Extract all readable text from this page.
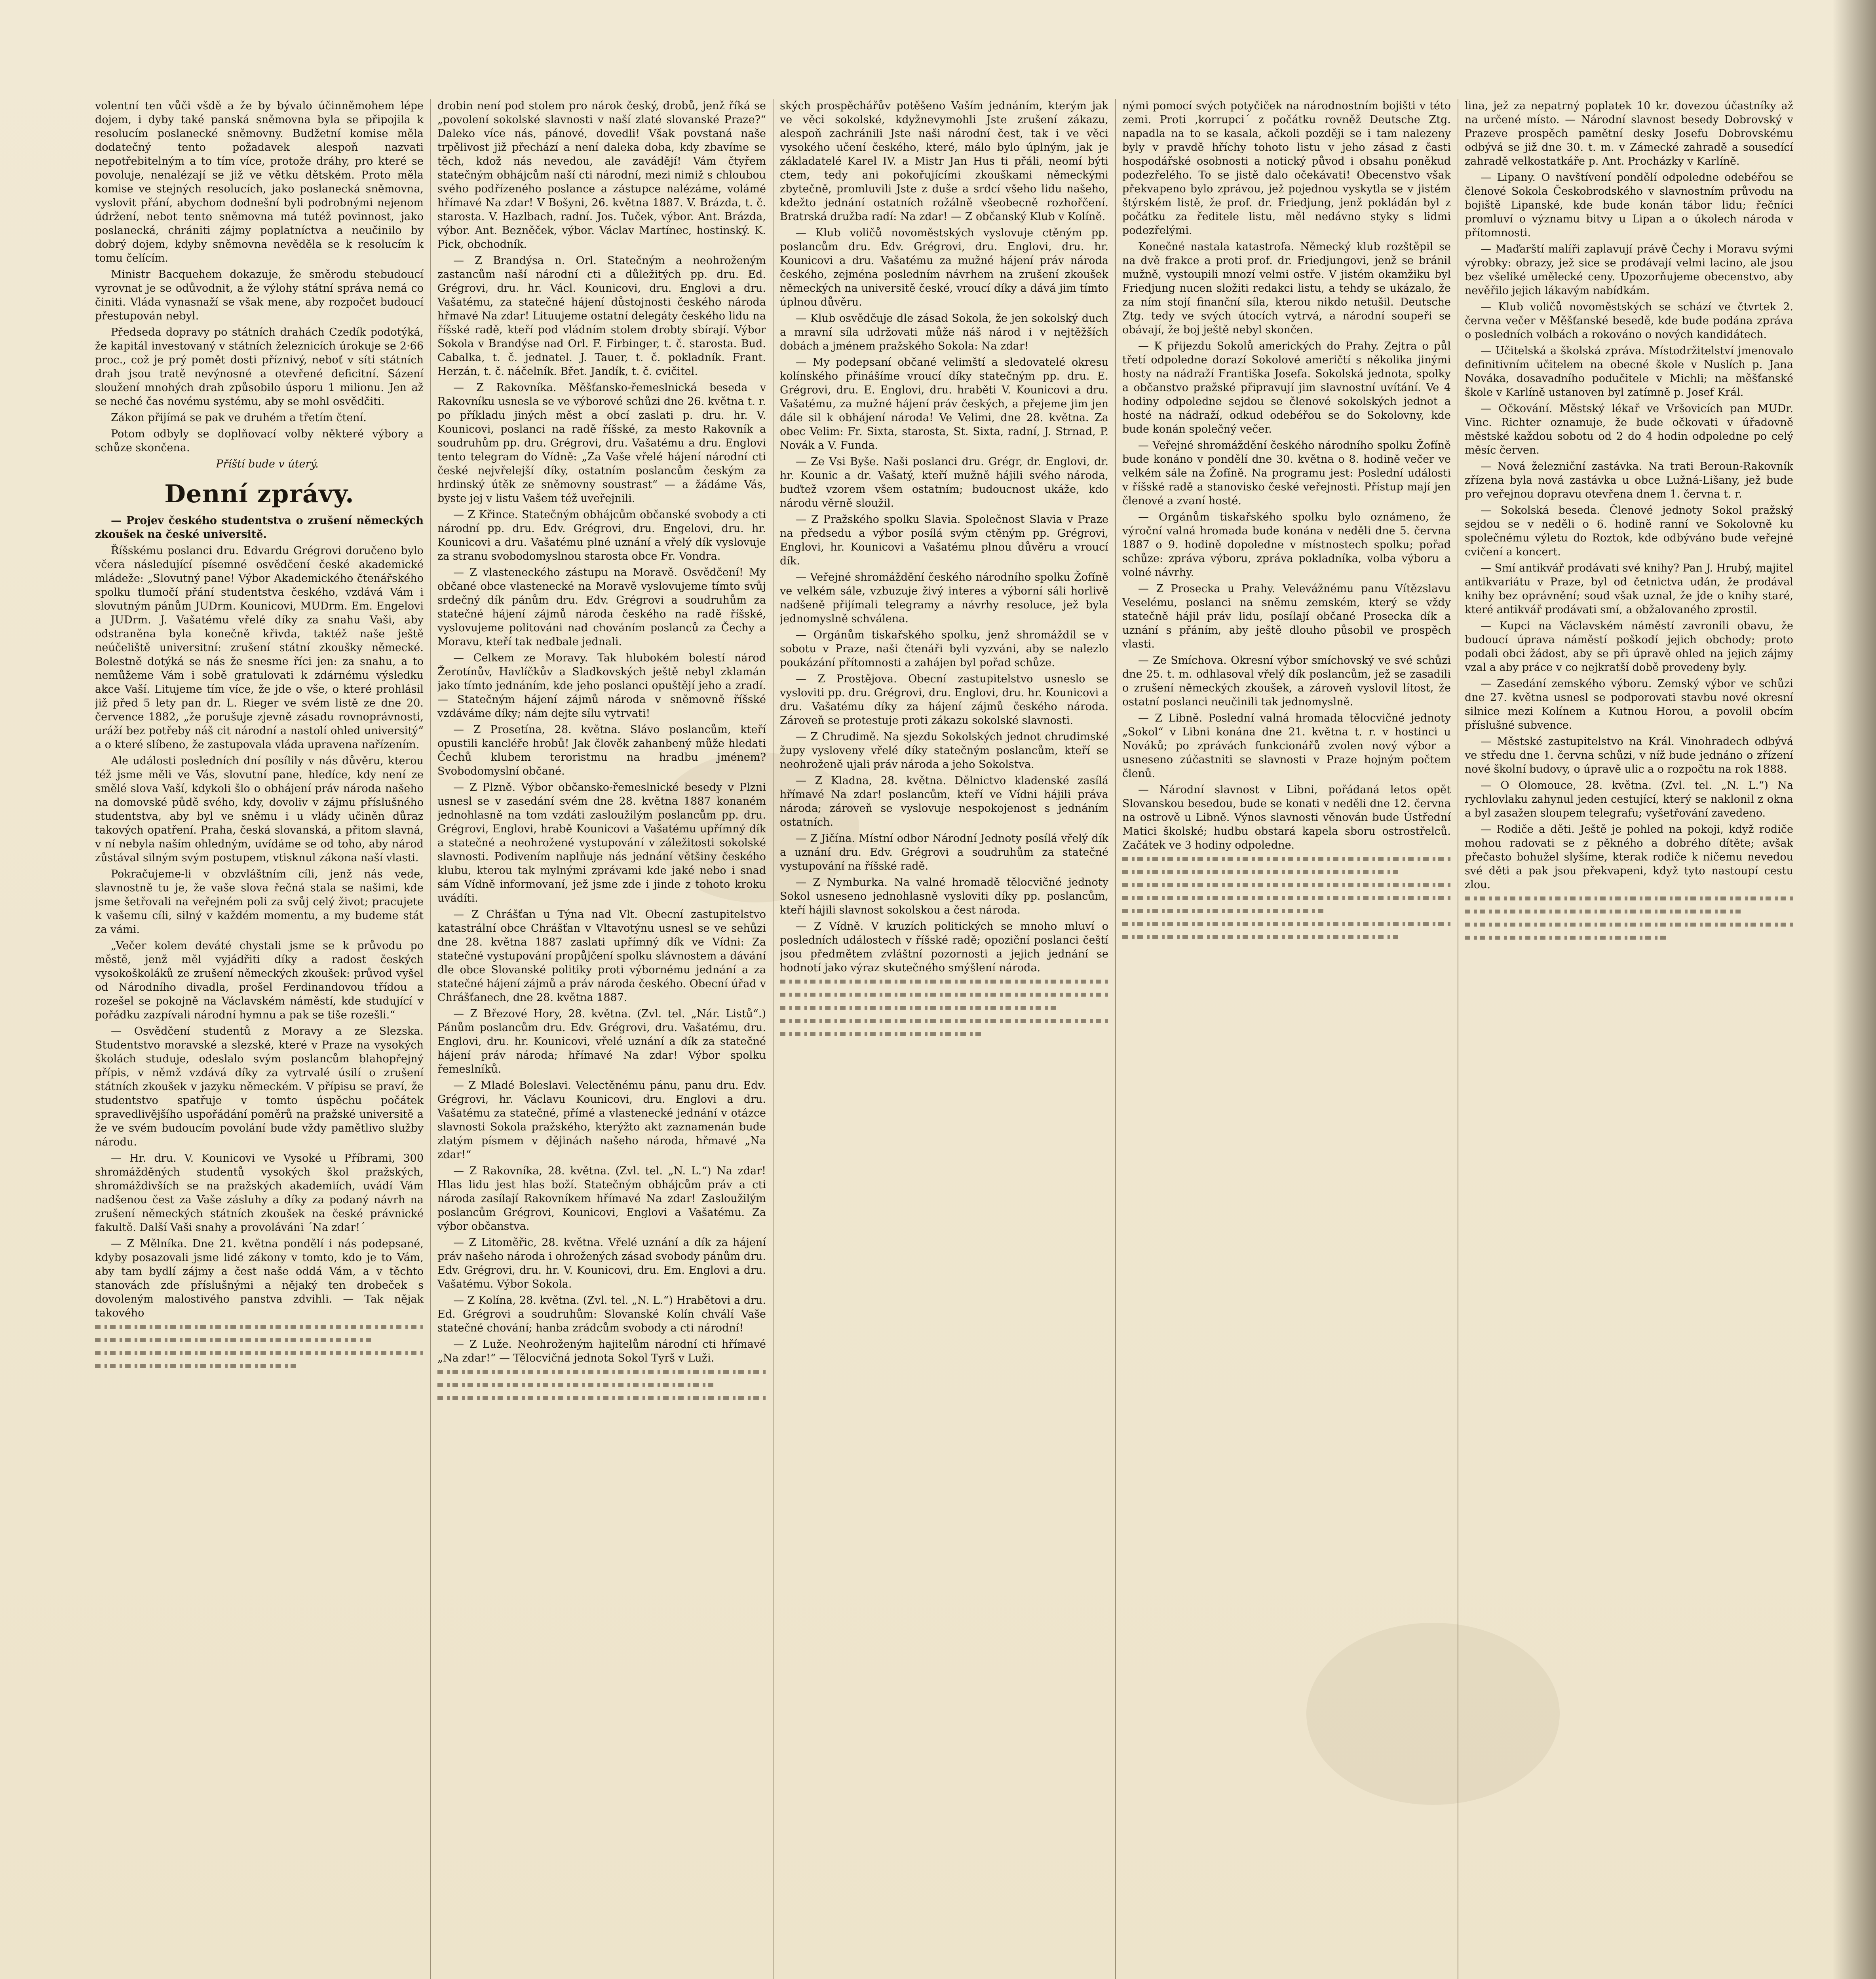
volentní ten vůči všdě a že by bývalo účinněmohem lépe dojem, i dyby také panská sněmovna byla se připojila k resolucím poslanecké sněmovny. Budžetní komise měla dodatečný tento požadavek alespoň nazvati nepotřebitelným a to tím více, protože dráhy, pro které se povoluje, nenalézají se již ve větku dětském. Proto měla komise ve stejných resolucích, jako poslanecká sněmovna, vyslovit přání, abychom dodnešní byli podrobnými nejenom údržení, nebot tento sněmovna má tutéž povinnost, jako poslanecká, chrániti zájmy poplatníctva a neučinilo by dobrý dojem, kdyby sněmovna nevěděla se k resolucím k tomu čelícím.

Ministr Bacquehem dokazuje, že směrodu stebudoucí vyrovnat je se odůvodnit, a že výlohy státní správa nemá co činiti. Vláda vynasnaží se však mene, aby rozpočet budoucí přestupován nebyl.

Předseda dopravy po státních drahách Czedík podotýká, že kapitál investovaný v státních železnicích úrokuje se 2·66 proc., což je prý pomět dosti příznivý, neboť v síti státních drah jsou tratě nevýnosné a otevřené deficitní. Sázení sloužení mnohých drah způsobilo úsporu 1 milionu. Jen až se neché čas novému systému, aby se mohl osvědčiti.

Zákon přijímá se pak ve druhém a třetím čtení.

Potom odbyly se doplňovací volby některé výbory a schůze skončena.

Příští bude v úterý.

Denní zprávy.

— Projev českého studentstva o zrušení německých zkoušek na české universitě.

Říšskému poslanci dru. Edvardu Grégrovi doručeno bylo včera následující písemné osvědčení české akademické mládeže: „Slovutný pane! Výbor Akademického čtenářského spolku tlumočí přání studentstva českého, vzdává Vám i slovutným pánům JUDrm. Kounicovi, MUDrm. Em. Engelovi a JUDrm. J. Vašatému vřelé díky za snahu Vaši, aby odstraněna byla konečně křivda, taktéž naše ještě neúčeliště universitní: zrušení státní zkoušky německé. Bolestně dotýká se nás že snesme říci jen: za snahu, a to nemůžeme Vám i sobě gratulovati k zdárnému výsledku akce Vaší. Litujeme tím více, že jde o vše, o které prohlásil již před 5 lety pan dr. L. Rieger ve svém listě ze dne 20. července 1882, „že porušuje zjevně zásadu rovnoprávnosti, uráží bez potřeby náš cit národní a nastolí ohled universitý“ a o které slíbeno, že zastupovala vláda upravena nařízením.

Ale události posledních dní posílily v nás důvěru, kterou též jsme měli ve Vás, slovutní pane, hledíce, kdy není ze smělé slova Vaší, kdykoli šlo o obhájení práv národa našeho na domovské půdě svého, kdy, dovoliv v zájmu příslušného studentstva, aby byl ve sněmu i u vlády učiněn důraz takových opatření. Praha, česká slovanská, a přitom slavná, v ní nebyla naším ohledným, uvídáme se od toho, aby národ zůstával silným svým postupem, vtisknul zákona naší vlasti.

Pokračujeme-li v obzvláštním cíli, jenž nás vede, slavnostně tu je, že vaše slova řečná stala se našimi, kde jsme šetřovali na veřejném poli za svůj celý život; pracujete k vašemu cíli, silný v každém momentu, a my budeme stát za vámi.

„Večer kolem deváté chystali jsme se k průvodu po městě, jenž měl vyjádřiti díky a radost českých vysokoškoláků ze zrušení německých zkoušek: průvod vyšel od Národního divadla, prošel Ferdinandovou třídou a rozešel se pokojně na Václavském náměstí, kde studující v pořádku zazpívali národní hymnu a pak se tiše rozešli.“

— Osvědčení studentů z Moravy a ze Slezska. Studentstvo moravské a slezské, které v Praze na vysokých školách studuje, odeslalo svým poslancům blahopřejný přípis, v němž vzdává díky za vytrvalé úsilí o zrušení státních zkoušek v jazyku německém. V přípisu se praví, že studentstvo spatřuje v tomto úspěchu počátek spravedlivějšího uspořádání poměrů na pražské universitě a že ve svém budoucím povolání bude vždy pamětlivo služby národu.

— Hr. dru. V. Kounicovi ve Vysoké u Příbrami, 300 shromážděných studentů vysokých škol pražských, shromáždivších se na pražských akademiích, uvádí Vám nadšenou čest za Vaše zásluhy a díky za podaný návrh na zrušení německých státních zkoušek na české právnické fakultě. Další Vaši snahy a provoláváni ´Na zdar!´

— Z Mělníka. Dne 21. května pondělí i nás podepsané, kdyby posazovali jsme lidé zákony v tomto, kdo je to Vám, aby tam bydlí zájmy a čest naše oddá Vám, a v těchto stanovách zde příslušnými a nějaký ten drobeček s dovoleným malostivého panstva zdvihli. — Tak nějak takového

drobin není pod stolem pro nárok český, drobů, jenž říká se „povolení sokolské slavnosti v naší zlaté slovanské Praze?“ Daleko více nás, pánové, dovedli! Však povstaná naše trpělivost již přechází a není daleka doba, kdy zbavíme se těch, kdož nás nevedou, ale zavádějí! Vám čtyřem statečným obhájcům naší cti národní, mezi nimiž s chloubou svého podřízeného poslance a zástupce nalézáme, volámé hřímavé Na zdar! V Bošyni, 26. května 1887. V. Brázda, t. č. starosta. V. Hazlbach, radní. Jos. Tuček, výbor. Ant. Brázda, výbor. Ant. Bezněček, výbor. Václav Martínec, hostinský. K. Pick, obchodník.

— Z Brandýsa n. Orl. Statečným a neohroženým zastancům naší národní cti a důležitých pp. dru. Ed. Grégrovi, dru. hr. Václ. Kounicovi, dru. Englovi a dru. Vašatému, za statečné hájení důstojnosti českého národa hřmavé Na zdar! Lituujeme ostatní delegáty českého lidu na říšské radě, kteří pod vládním stolem drobty sbírají. Výbor Sokola v Brandýse nad Orl. F. Firbinger, t. č. starosta. Bud. Cabalka, t. č. jednatel. J. Tauer, t. č. pokladník. Frant. Herzán, t. č. náčelník. Břet. Jandík, t. č. cvičitel.

— Z Rakovníka. Měšťansko-řemeslnická beseda v Rakovníku usnesla se ve výborové schůzi dne 26. května t. r. po příkladu jiných měst a obcí zaslati p. dru. hr. V. Kounicovi, poslanci na radě říšské, za mesto Rakovník a soudruhům pp. dru. Grégrovi, dru. Vašatému a dru. Englovi tento telegram do Vídně: „Za Vaše vřelé hájení národní cti české nejvřelejší díky, ostatním poslancům českým za hrdinský útěk ze sněmovny soustrast“ — a žádáme Vás, byste jej v listu Vašem též uveřejnili.

— Z Křince. Statečným obhájcům občanské svobody a cti národní pp. dru. Edv. Grégrovi, dru. Engelovi, dru. hr. Kounicovi a dru. Vašatému plné uznání a vřelý dík vyslovuje za stranu svobodomyslnou starosta obce Fr. Vondra.

— Z vlasteneckého zástupu na Moravě. Osvědčení! My občané obce vlastenecké na Moravě vyslovujeme tímto svůj srdečný dík pánům dru. Edv. Grégrovi a soudruhům za statečné hájení zájmů národa českého na radě říšské, vyslovujeme politováni nad chováním poslanců za Čechy a Moravu, kteří tak nedbale jednali.

— Celkem ze Moravy. Tak hlubokém bolestí národ Žerotínův, Havlíčkův a Sladkovských ještě nebyl zklamán jako tímto jednáním, kde jeho poslanci opuštějí jeho a zradí. — Statečným hájení zájmů národa v sněmovně říšské vzdáváme díky; nám dejte sílu vytrvati!

— Z Prosetína, 28. května. Slávo poslancům, kteří opustili kancléře hrobů! Jak člověk zahanbený může hledati Čechů klubem teroristmu na hradbu jménem? Svobodomyslní občané.

— Z Plzně. Výbor občansko-řemeslnické besedy v Plzni usnesl se v zasedání svém dne 28. května 1887 konaném jednohlasně na tom vzdáti zasloužilým poslancům pp. dru. Grégrovi, Englovi, hrabě Kounicovi a Vašatému upřímný dík a statečné a neohrožené vystupování v záležitosti sokolské slavnosti. Podivením naplňuje nás jednání většiny českého klubu, kterou tak mylnými zprávami kde jaké nebo i snad sám Vídně informovaní, jež jsme zde i jinde z tohoto kroku uvádíti.

— Z Chrášťan u Týna nad Vlt. Obecní zastupitelstvo katastrální obce Chrášťan v Vltavotýnu usnesl se ve sehůzi dne 28. května 1887 zaslati upřímný dík ve Vídni: Za statečné vystupování propůjčení spolku slávnostem a dávání dle obce Slovanské politiky proti výbornému jednání a za statečné hájení zájmů a práv národa českého. Obecní úřad v Chrášťanech, dne 28. května 1887.

— Z Březové Hory, 28. května. (Zvl. tel. „Nár. Listů“.) Pánům poslancům dru. Edv. Grégrovi, dru. Vašatému, dru. Englovi, dru. hr. Kounicovi, vřelé uznání a dík za statečné hájení práv národa; hřímavé Na zdar! Výbor spolku řemeslníků.

— Z Mladé Boleslavi. Velectěnému pánu, panu dru. Edv. Grégrovi, hr. Václavu Kounicovi, dru. Englovi a dru. Vašatému za statečné, přímé a vlastenecké jednání v otázce slavnosti Sokola pražského, kterýžto akt zaznamenán bude zlatým písmem v dějinách našeho národa, hřmavé „Na zdar!“

— Z Rakovníka, 28. května. (Zvl. tel. „N. L.“) Na zdar! Hlas lidu jest hlas boží. Statečným obhájcům práv a cti národa zasílají Rakovníkem hřímavé Na zdar! Zasloužilým poslancům Grégrovi, Kounicovi, Englovi a Vašatému. Za výbor občanstva.

— Z Litoměřic, 28. května. Vřelé uznání a dík za hájení práv našeho národa i ohrožených zásad svobody pánům dru. Edv. Grégrovi, dru. hr. V. Kounicovi, dru. Em. Englovi a dru. Vašatému. Výbor Sokola.

— Z Kolína, 28. května. (Zvl. tel. „N. L.“) Hrabětovi a dru. Ed. Grégrovi a soudruhům: Slovanské Kolín chválí Vaše statečné chování; hanba zrádcům svobody a cti národní!

— Z Luže. Neohroženým hajitelům národní cti hřímavé „Na zdar!“ — Tělocvičná jednota Sokol Tyrš v Luži.

ských prospěchářův potěšeno Vaším jednáním, kterým jak ve věci sokolské, kdyžnevymohli Jste zrušení zákazu, alespoň zachránili Jste naši národní čest, tak i ve věci vysokého učení českého, které, málo bylo úplným, jak je základatelé Karel IV. a Mistr Jan Hus ti přáli, neomí býti ctem, tedy ani pokořujícími zkouškami německými zbytečně, promluvili Jste z duše a srdcí všeho lidu našeho, kdežto jednání ostatních rožálně všeobecně rozhořčení. Bratrská družba radí: Na zdar! — Z občanský Klub v Kolíně.

— Klub voličů novoměstských vyslovuje ctěným pp. poslancům dru. Edv. Grégrovi, dru. Englovi, dru. hr. Kounicovi a dru. Vašatému za mužné hájení práv národa českého, zejména posledním návrhem na zrušení zkoušek německých na universitě české, vroucí díky a dává jim tímto úplnou důvěru.

— Klub osvědčuje dle zásad Sokola, že jen sokolský duch a mravní síla udržovati může náš národ i v nejtěžších dobách a jménem pražského Sokola: Na zdar!

— My podepsaní občané velimští a sledovatelé okresu kolínského přinášíme vroucí díky statečným pp. dru. E. Grégrovi, dru. E. Englovi, dru. hraběti V. Kounicovi a dru. Vašatému, za mužné hájení práv českých, a přejeme jim jen dále sil k obhájení národa! Ve Velimi, dne 28. května. Za obec Velim: Fr. Sixta, starosta, St. Sixta, radní, J. Strnad, P. Novák a V. Funda.

— Ze Vsi Byše. Naši poslanci dru. Grégr, dr. Englovi, dr. hr. Kounic a dr. Vašatý, kteří mužně hájili svého národa, buďtež vzorem všem ostatním; budoucnost ukáže, kdo národu věrně sloužil.

— Z Pražského spolku Slavia. Společnost Slavia v Praze na předsedu a výbor posílá svým ctěným pp. Grégrovi, Englovi, hr. Kounicovi a Vašatému plnou důvěru a vroucí dík.

— Veřejné shromáždění českého národního spolku Žofíně ve velkém sále, vzbuzuje živý interes a výborní sáli horlivě nadšeně přijímali telegramy a návrhy resoluce, jež byla jednomyslně schválena.

— Orgánům tiskařského spolku, jenž shromáždil se v sobotu v Praze, naši čtenáři byli vyzváni, aby se nalezlo poukázání přítomnosti a zahájen byl pořad schůze.

— Z Prostějova. Obecní zastupitelstvo usneslo se vysloviti pp. dru. Grégrovi, dru. Englovi, dru. hr. Kounicovi a dru. Vašatému díky za hájení zájmů českého národa. Zároveň se protestuje proti zákazu sokolské slavnosti.

— Z Chrudimě. Na sjezdu Sokolských jednot chrudimské župy vysloveny vřelé díky statečným poslancům, kteří se neohroženě ujali práv národa a jeho Sokolstva.

— Z Kladna, 28. května. Dělnictvo kladenské zasílá hřímavé Na zdar! poslancům, kteří ve Vídni hájili práva národa; zároveň se vyslovuje nespokojenost s jednáním ostatních.

— Z Jičína. Místní odbor Národní Jednoty posílá vřelý dík a uznání dru. Edv. Grégrovi a soudruhům za statečné vystupování na říšské radě.

— Z Nymburka. Na valné hromadě tělocvičné jednoty Sokol usneseno jednohlasně vysloviti díky pp. poslancům, kteří hájili slavnost sokolskou a čest národa.

— Z Vídně. V kruzích politických se mnoho mluví o posledních událostech v říšské radě; opoziční poslanci čeští jsou předmětem zvláštní pozornosti a jejich jednání se hodnotí jako výraz skutečného smýšlení národa.

nými pomocí svých potyčiček na národnostním bojišti v této zemi. Proti ,korrupci´ z počátku rovněž Deutsche Ztg. napadla na to se kasala, ačkoli později se i tam nalezeny byly v pravdě hříchy tohoto listu v jeho zásad z časti hospodářské osobnosti a notický původ i obsahu poněkud podezřelého. To se jistě dalo očekávati! Obecenstvo však překvapeno bylo zprávou, jež pojednou vyskytla se v jistém štýrském listě, že prof. dr. Friedjung, jenž pokládán byl z počátku za ředitele listu, měl nedávno styky s lidmi podezřelými.

Konečné nastala katastrofa. Německý klub rozštěpil se na dvě frakce a proti prof. dr. Friedjungovi, jenž se bránil mužně, vystoupili mnozí velmi ostře. V jistém okamžiku byl Friedjung nucen složiti redakci listu, a tehdy se ukázalo, že za ním stojí finanční síla, kterou nikdo netušil. Deutsche Ztg. tedy ve svých útocích vytrvá, a národní soupeři se obávají, že boj ještě nebyl skončen.

— K přijezdu Sokolů amerických do Prahy. Zejtra o půl třetí odpoledne dorazí Sokolové američtí s několika jinými hosty na nádraží Františka Josefa. Sokolská jednota, spolky a občanstvo pražské připravují jim slavnostní uvítání. Ve 4 hodiny odpoledne sejdou se členové sokolských jednot a hosté na nádraží, odkud odebéřou se do Sokolovny, kde bude konán společný večer.

— Veřejné shromáždění českého národního spolku Žofíně bude konáno v pondělí dne 30. května o 8. hodině večer ve velkém sále na Žofíně. Na programu jest: Poslední události v říšské radě a stanovisko české veřejnosti. Přístup mají jen členové a zvaní hosté.

— Orgánům tiskařského spolku bylo oznámeno, že výroční valná hromada bude konána v neděli dne 5. června 1887 o 9. hodině dopoledne v místnostech spolku; pořad schůze: zpráva výboru, zpráva pokladníka, volba výboru a volné návrhy.

— Z Prosecka u Prahy. Velevážnému panu Vítězslavu Veselému, poslanci na sněmu zemském, který se vždy statečně hájil práv lidu, posílají občané Prosecka dík a uznání s přáním, aby ještě dlouho působil ve prospěch vlasti.

— Ze Smíchova. Okresní výbor smíchovský ve své schůzi dne 25. t. m. odhlasoval vřelý dík poslancům, jež se zasadili o zrušení německých zkoušek, a zároveň vyslovil lítost, že ostatní poslanci neučinili tak jednomyslně.

— Z Libně. Poslední valná hromada tělocvičné jednoty „Sokol“ v Libni konána dne 21. května t. r. v hostinci u Nováků; po zprávách funkcionářů zvolen nový výbor a usneseno zúčastniti se slavnosti v Praze hojným počtem členů.

— Národní slavnost v Libni, pořádaná letos opět Slovanskou besedou, bude se konati v neděli dne 12. června na ostrově u Libně. Výnos slavnosti věnován bude Ústřední Matici školské; hudbu obstará kapela sboru ostrostřelců. Začátek ve 3 hodiny odpoledne.

lina, jež za nepatrný poplatek 10 kr. dovezou účastníky až na určené místo. — Národní slavnost besedy Dobrovský v Prazeve prospěch pamětní desky Josefu Dobrovskému odbývá se již dne 30. t. m. v Zámecké zahradě a sousedící zahradě velkostatkáře p. Ant. Procházky v Karlíně.

— Lipany. O navštívení pondělí odpoledne odebéřou se členové Sokola Českobrodského v slavnostním průvodu na bojiště Lipanské, kde bude konán tábor lidu; řečníci promluví o významu bitvy u Lipan a o úkolech národa v přítomnosti.

— Maďarští malíři zaplavují právě Čechy i Moravu svými výrobky: obrazy, jež sice se prodávají velmi lacino, ale jsou bez všeliké umělecké ceny. Upozorňujeme obecenstvo, aby nevěřilo jejich lákavým nabídkám.

— Klub voličů novoměstských se schází ve čtvrtek 2. června večer v Měšťanské besedě, kde bude podána zpráva o posledních volbách a rokováno o nových kandidátech.

— Učitelská a školská zpráva. Místodržitelství jmenovalo definitivním učitelem na obecné škole v Nuslích p. Jana Nováka, dosavadního podučitele v Michli; na měšťanské škole v Karlíně ustanoven byl zatímně p. Josef Král.

— Očkování. Městský lékař ve Vršovicích pan MUDr. Vinc. Richter oznamuje, že bude očkovati v úřadovně městské každou sobotu od 2 do 4 hodin odpoledne po celý měsíc červen.

— Nová železniční zastávka. Na trati Beroun-Rakovník zřízena byla nová zastávka u obce Lužná-Lišany, jež bude pro veřejnou dopravu otevřena dnem 1. června t. r.

— Sokolská beseda. Členové jednoty Sokol pražský sejdou se v neděli o 6. hodině ranní ve Sokolovně ku společnému výletu do Roztok, kde odbýváno bude veřejné cvičení a koncert.

— Smí antikvář prodávati své knihy? Pan J. Hrubý, majitel antikvariátu v Praze, byl od četnictva udán, že prodával knihy bez oprávnění; soud však uznal, že jde o knihy staré, které antikvář prodávati smí, a obžalovaného zprostil.

— Kupci na Václavském náměstí zavronili obavu, že budoucí úprava náměstí poškodí jejich obchody; proto podali obci žádost, aby se při úpravě ohled na jejich zájmy vzal a aby práce v co nejkratší době provedeny byly.

— Zasedání zemského výboru. Zemský výbor ve schůzi dne 27. května usnesl se podporovati stavbu nové okresní silnice mezi Kolínem a Kutnou Horou, a povolil obcím příslušné subvence.

— Městské zastupitelstvo na Král. Vinohradech odbývá ve středu dne 1. června schůzi, v níž bude jednáno o zřízení nové školní budovy, o úpravě ulic a o rozpočtu na rok 1888.

— O Olomouce, 28. května. (Zvl. tel. „N. L.“) Na rychlovlaku zahynul jeden cestující, který se naklonil z okna a byl zasažen sloupem telegrafu; vyšetřování zavedeno.

— Rodiče a děti. Ještě je pohled na pokoji, když rodiče mohou radovati se z pěkného a dobrého dítěte; avšak přečasto bohužel slyšíme, kterak rodiče k ničemu nevedou své děti a pak jsou překvapeni, když tyto nastoupí cestu zlou.
